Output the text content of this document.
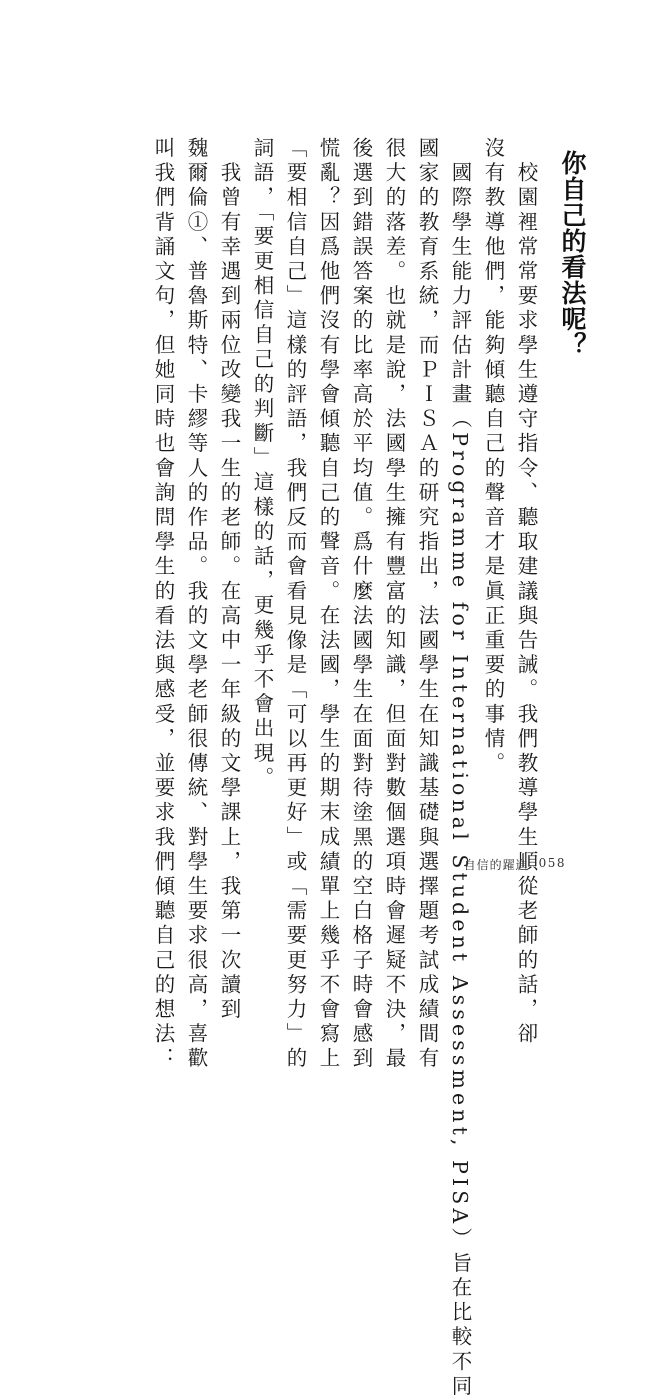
你自己的看法呢？
　校園裡常常要求學生遵守指令、聽取建議與告誡。我們教導學生順從老師的話，卻
沒有教導他們，能夠傾聽自己的聲音才是眞正重要的事情。
　國際學生能力評估計畫（Programme for International Student Assessment, PISA）旨在比較不同
國家的教育系統，而ＰＩＳＡ的研究指出，法國學生在知識基礎與選擇題考試成績間有
很大的落差。也就是說，法國學生擁有豐富的知識，但面對數個選項時會遲疑不決，最
後選到錯誤答案的比率高於平均值。爲什麼法國學生在面對待塗黑的空白格子時會感到
慌亂？因爲他們沒有學會傾聽自己的聲音。在法國，學生的期末成績單上幾乎不會寫上
「要相信自己」這樣的評語，我們反而會看見像是「可以再更好」或「需要更努力」的
詞語，「要更相信自己的判斷」這樣的話，更幾乎不會出現。
　我曾有幸遇到兩位改變我一生的老師。在高中一年級的文學課上，我第一次讀到
魏爾倫①、普魯斯特、卡繆等人的作品。我的文學老師很傳統、對學生要求很高，喜歡
叫我們背誦文句，但她同時也會詢問學生的看法與感受，並要求我們傾聽自己的想法：	自信的躍進 058
